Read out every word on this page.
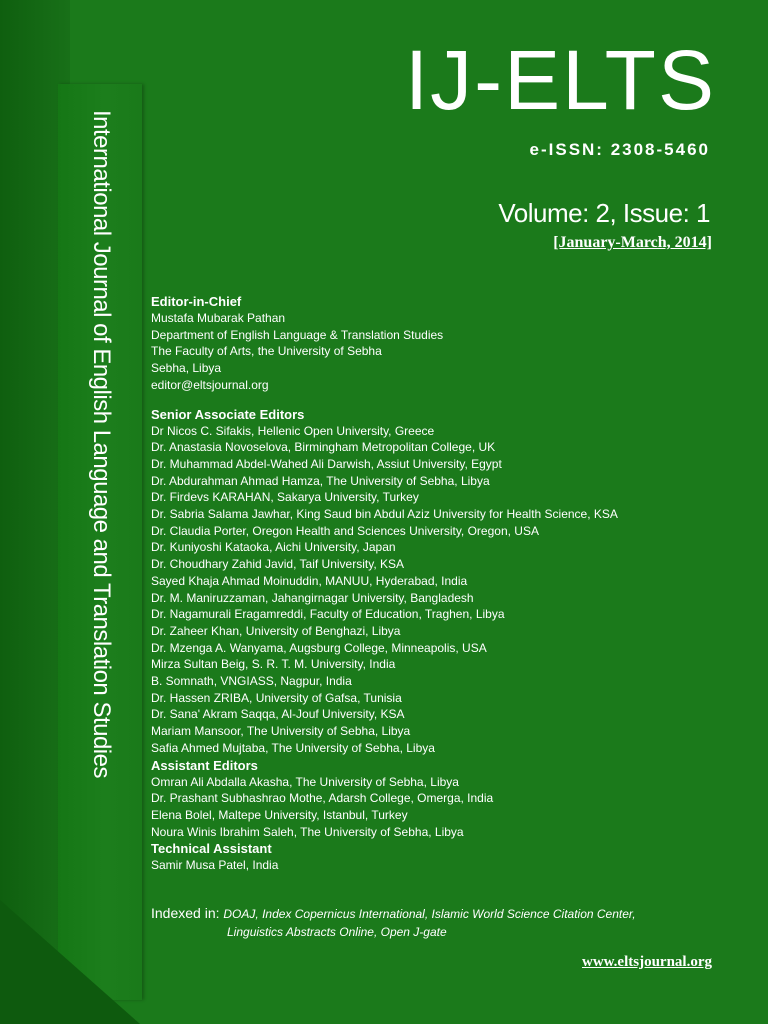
International Journal of English Language and Translation Studies
IJ-ELTS
e-ISSN: 2308-5460
Volume: 2, Issue: 1
[January-March, 2014]
Editor-in-Chief
Mustafa Mubarak Pathan
Department of English Language & Translation Studies
The Faculty of Arts, the University of Sebha
Sebha, Libya
editor@eltsjournal.org
Senior Associate Editors
Dr Nicos C. Sifakis, Hellenic Open University, Greece
Dr. Anastasia Novoselova, Birmingham Metropolitan College, UK
Dr. Muhammad Abdel-Wahed Ali Darwish, Assiut University, Egypt
Dr. Abdurahman Ahmad Hamza, The University of Sebha, Libya
Dr. Firdevs KARAHAN, Sakarya University, Turkey
Dr. Sabria Salama Jawhar, King Saud bin Abdul Aziz University for Health Science, KSA
Dr. Claudia Porter, Oregon Health and Sciences University, Oregon, USA
Dr. Kuniyoshi Kataoka, Aichi University, Japan
Dr. Choudhary Zahid Javid, Taif University, KSA
Sayed Khaja Ahmad Moinuddin, MANUU, Hyderabad, India
Dr. M. Maniruzzaman, Jahangirnagar University, Bangladesh
Dr. Nagamurali Eragamreddi, Faculty of Education, Traghen, Libya
Dr. Zaheer Khan, University of Benghazi, Libya
Dr. Mzenga A. Wanyama, Augsburg College, Minneapolis, USA
Mirza Sultan Beig, S. R. T. M. University, India
B. Somnath, VNGIASS, Nagpur, India
Dr. Hassen ZRIBA, University of Gafsa, Tunisia
Dr. Sana' Akram Saqqa, Al-Jouf University, KSA
Mariam Mansoor, The University of Sebha, Libya
Safia Ahmed Mujtaba, The University of Sebha, Libya
Assistant Editors
Omran Ali Abdalla Akasha, The University of Sebha, Libya
Dr. Prashant Subhashrao Mothe, Adarsh College, Omerga, India
Elena Bolel, Maltepe University, Istanbul, Turkey
Noura Winis Ibrahim Saleh, The University of Sebha, Libya
Technical Assistant
Samir Musa Patel, India
Indexed in: DOAJ, Index Copernicus International, Islamic World Science Citation Center,
Linguistics Abstracts Online, Open J-gate
www.eltsjournal.org
